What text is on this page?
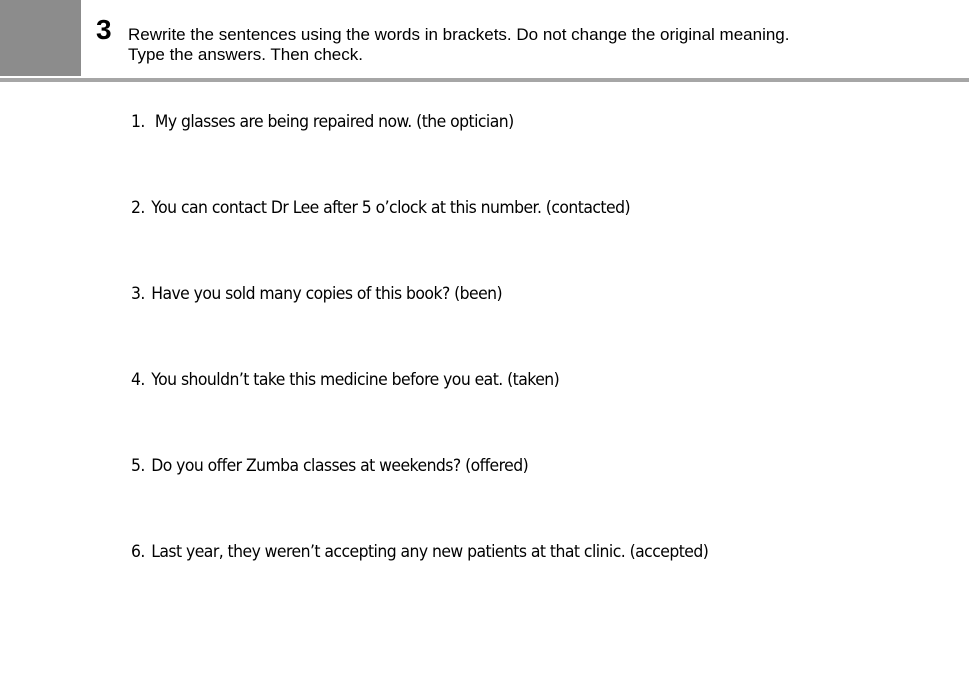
3 Rewrite the sentences using the words in brackets. Do not change the original meaning.
Type the answers. Then check.
1. My glasses are being repaired now. (the optician)
2. You can contact Dr Lee after 5 o’clock at this number. (contacted)
3. Have you sold many copies of this book? (been)
4. You shouldn’t take this medicine before you eat. (taken)
5. Do you offer Zumba classes at weekends? (offered)
6. Last year, they weren’t accepting any new patients at that clinic. (accepted)
